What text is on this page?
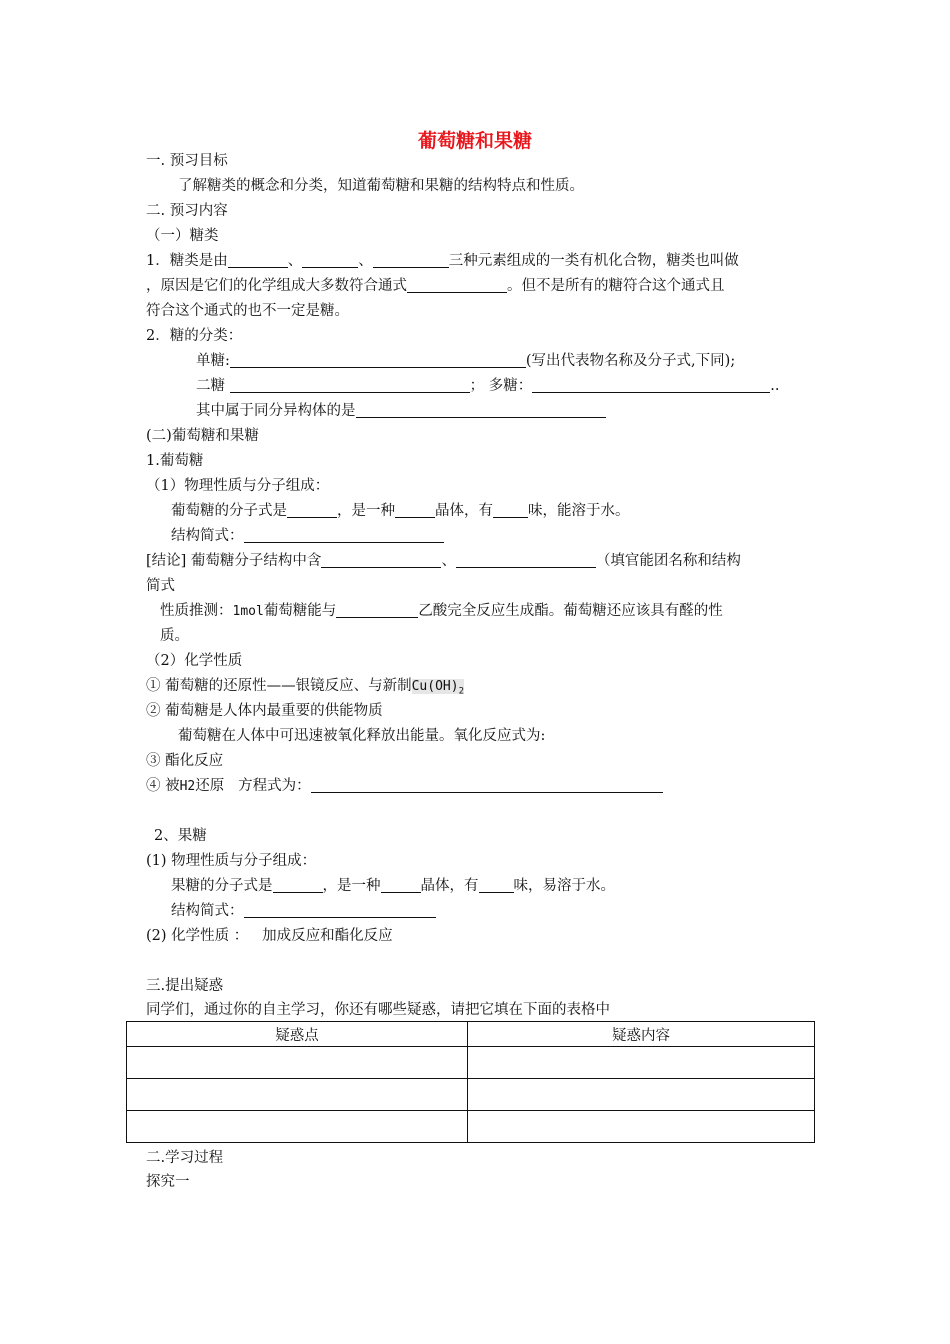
葡萄糖和果糖
一. 预习目标
了解糖类的概念和分类，知道葡萄糖和果糖的结构特点和性质。
二. 预习内容
（一）糖类
1．糖类是由	、	、	三种元素组成的一类有机化合物，糖类也叫做
，原因是它们的化学组成大多数符合通式	。但不是所有的糖符合这个通式且
符合这个通式的也不一定是糖。
2．糖的分类：
单糖:	(写出代表物名称及分子式,下同);
二糖	； 多糖：	..
其中属于同分异构体的是
(二)葡萄糖和果糖
1.葡萄糖
（1）物理性质与分子组成：
葡萄糖的分子式是	，是一种	晶体，有 味，能溶于水。
结构简式：
[结论] 葡萄糖分子结构中含	、	（填官能团名称和结构
简式
性质推测：1mol葡萄糖能与	乙酸完全反应生成酯。葡萄糖还应该具有醛的性
质。
（2）化学性质
① 葡萄糖的还原性——银镜反应、与新制$Cu(OH)_2$
② 葡萄糖是人体内最重要的供能物质
葡萄糖在人体中可迅速被氧化释放出能量。氧化反应式为:
③ 酯化反应
④ 被H2还原 方程式为：
2、果糖
(1) 物理性质与分子组成：
果糖的分子式是	，是一种	晶体，有 味，易溶于水。
结构简式：
(2) 化学性质 ： 加成反应和酯化反应
三.提出疑惑
同学们，通过你的自主学习，你还有哪些疑惑，请把它填在下面的表格中
疑惑点	疑惑内容

二.学习过程
探究一
